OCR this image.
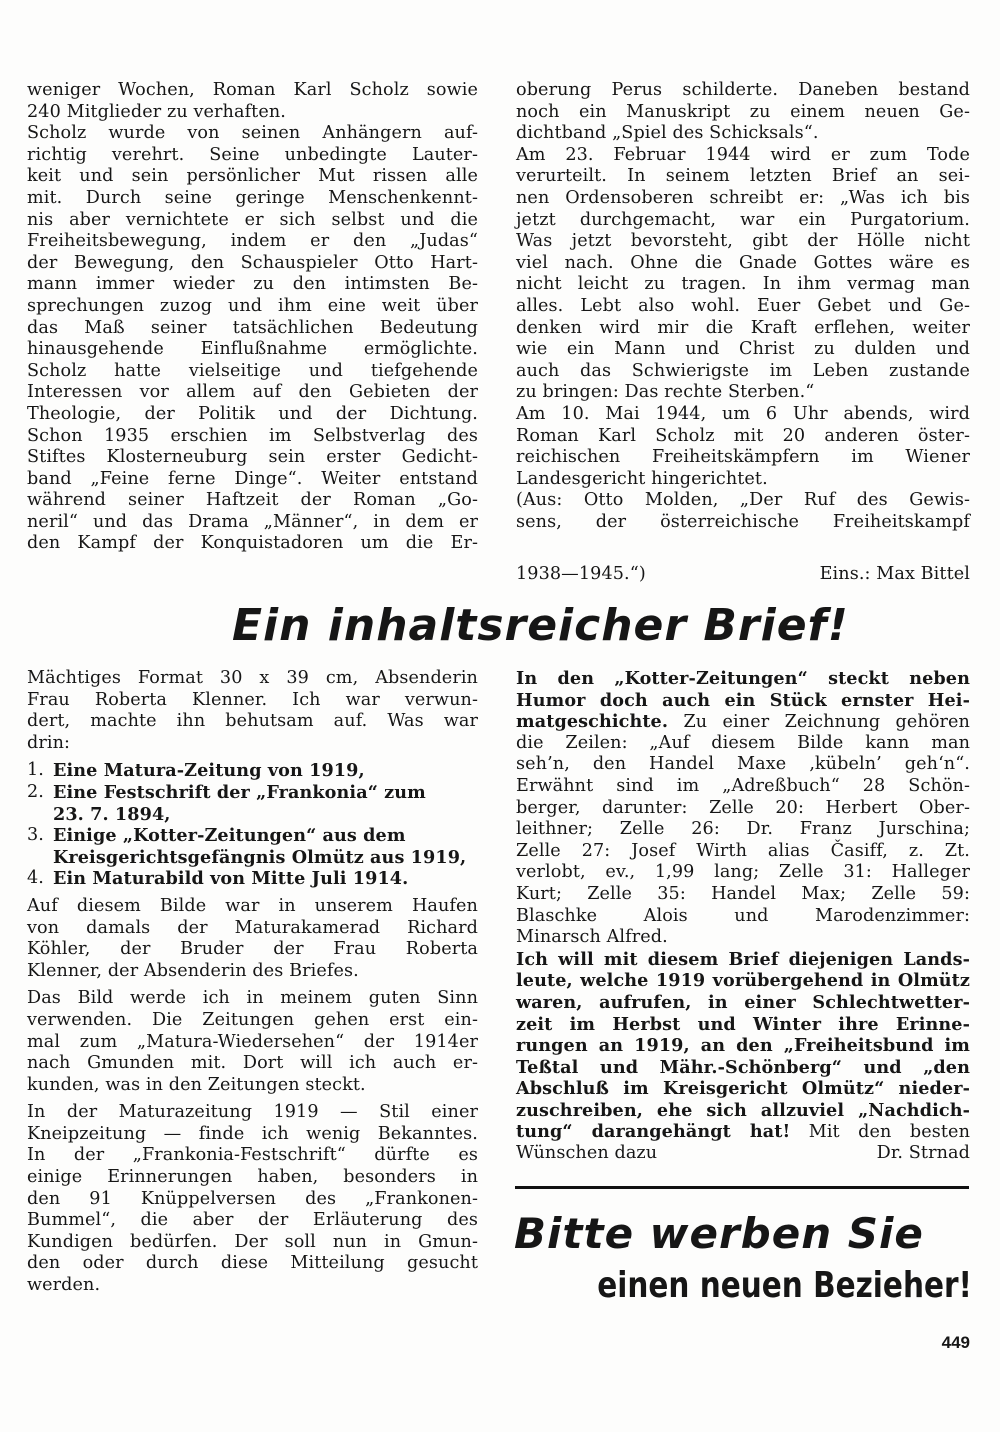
weniger Wochen, Roman Karl Scholz sowie
240 Mitglieder zu verhaften.
Scholz wurde von seinen Anhängern auf-
richtig verehrt. Seine unbedingte Lauter-
keit und sein persönlicher Mut rissen alle
mit. Durch seine geringe Menschenkennt-
nis aber vernichtete er sich selbst und die
Freiheitsbewegung, indem er den „Judas“
der Bewegung, den Schauspieler Otto Hart-
mann immer wieder zu den intimsten Be-
sprechungen zuzog und ihm eine weit über
das Maß seiner tatsächlichen Bedeutung
hinausgehende Einflußnahme ermöglichte.
Scholz hatte vielseitige und tiefgehende
Interessen vor allem auf den Gebieten der
Theologie, der Politik und der Dichtung.
Schon 1935 erschien im Selbstverlag des
Stiftes Klosterneuburg sein erster Gedicht-
band „Feine ferne Dinge“. Weiter entstand
während seiner Haftzeit der Roman „Go-
neril“ und das Drama „Männer“, in dem er
den Kampf der Konquistadoren um die Er-
oberung Perus schilderte. Daneben bestand
noch ein Manuskript zu einem neuen Ge-
dichtband „Spiel des Schicksals“.
Am 23. Februar 1944 wird er zum Tode
verurteilt. In seinem letzten Brief an sei-
nen Ordensoberen schreibt er: „Was ich bis
jetzt durchgemacht, war ein Purgatorium.
Was jetzt bevorsteht, gibt der Hölle nicht
viel nach. Ohne die Gnade Gottes wäre es
nicht leicht zu tragen. In ihm vermag man
alles. Lebt also wohl. Euer Gebet und Ge-
denken wird mir die Kraft erflehen, weiter
wie ein Mann und Christ zu dulden und
auch das Schwierigste im Leben zustande
zu bringen: Das rechte Sterben.“
Am 10. Mai 1944, um 6 Uhr abends, wird
Roman Karl Scholz mit 20 anderen öster-
reichischen Freiheitskämpfern im Wiener
Landesgericht hingerichtet.
(Aus: Otto Molden, „Der Ruf des Gewis-
sens, der österreichische Freiheitskampf
1938—1945.“)	Eins.: Max Bittel
Ein inhaltsreicher Brief!
Mächtiges Format 30 x 39 cm, Absenderin
Frau Roberta Klenner. Ich war verwun-
dert, machte ihn behutsam auf. Was war
drin:
1. Eine Matura-Zeitung von 1919,
2. Eine Festschrift der „Frankonia“ zum
23. 7. 1894,
3. Einige „Kotter-Zeitungen“ aus dem
Kreisgerichtsgefängnis Olmütz aus 1919,
4. Ein Maturabild von Mitte Juli 1914.
Auf diesem Bilde war in unserem Haufen
von damals der Maturakamerad Richard
Köhler, der Bruder der Frau Roberta
Klenner, der Absenderin des Briefes.
Das Bild werde ich in meinem guten Sinn
verwenden. Die Zeitungen gehen erst ein-
mal zum „Matura-Wiedersehen“ der 1914er
nach Gmunden mit. Dort will ich auch er-
kunden, was in den Zeitungen steckt.
In der Maturazeitung 1919 — Stil einer
Kneipzeitung — finde ich wenig Bekanntes.
In der „Frankonia-Festschrift“ dürfte es
einige Erinnerungen haben, besonders in
den 91 Knüppelversen des „Frankonen-
Bummel“, die aber der Erläuterung des
Kundigen bedürfen. Der soll nun in Gmun-
den oder durch diese Mitteilung gesucht
werden.
In den „Kotter-Zeitungen“ steckt neben
Humor doch auch ein Stück ernster Hei-
matgeschichte. Zu einer Zeichnung gehören
die Zeilen: „Auf diesem Bilde kann man
seh’n, den Handel Maxe ‚kübeln’ geh‘n“.
Erwähnt sind im „Adreßbuch“ 28 Schön-
berger, darunter: Zelle 20: Herbert Ober-
leithner; Zelle 26: Dr. Franz Jurschina;
Zelle 27: Josef Wirth alias Časiff, z. Zt.
verlobt, ev., 1,99 lang; Zelle 31: Halleger
Kurt; Zelle 35: Handel Max; Zelle 59:
Blaschke Alois und Marodenzimmer:
Minarsch Alfred.
Ich will mit diesem Brief diejenigen Lands-
leute, welche 1919 vorübergehend in Olmütz
waren, aufrufen, in einer Schlechtwetter-
zeit im Herbst und Winter ihre Erinne-
rungen an 1919, an den „Freiheitsbund im
Teßtal und Mähr.-Schönberg“ und „den
Abschluß im Kreisgericht Olmütz“ nieder-
zuschreiben, ehe sich allzuviel „Nachdich-
tung“ darangehängt hat! Mit den besten
Wünschen dazu	Dr. Strnad
Bitte werben Sie
einen neuen Bezieher!
449
